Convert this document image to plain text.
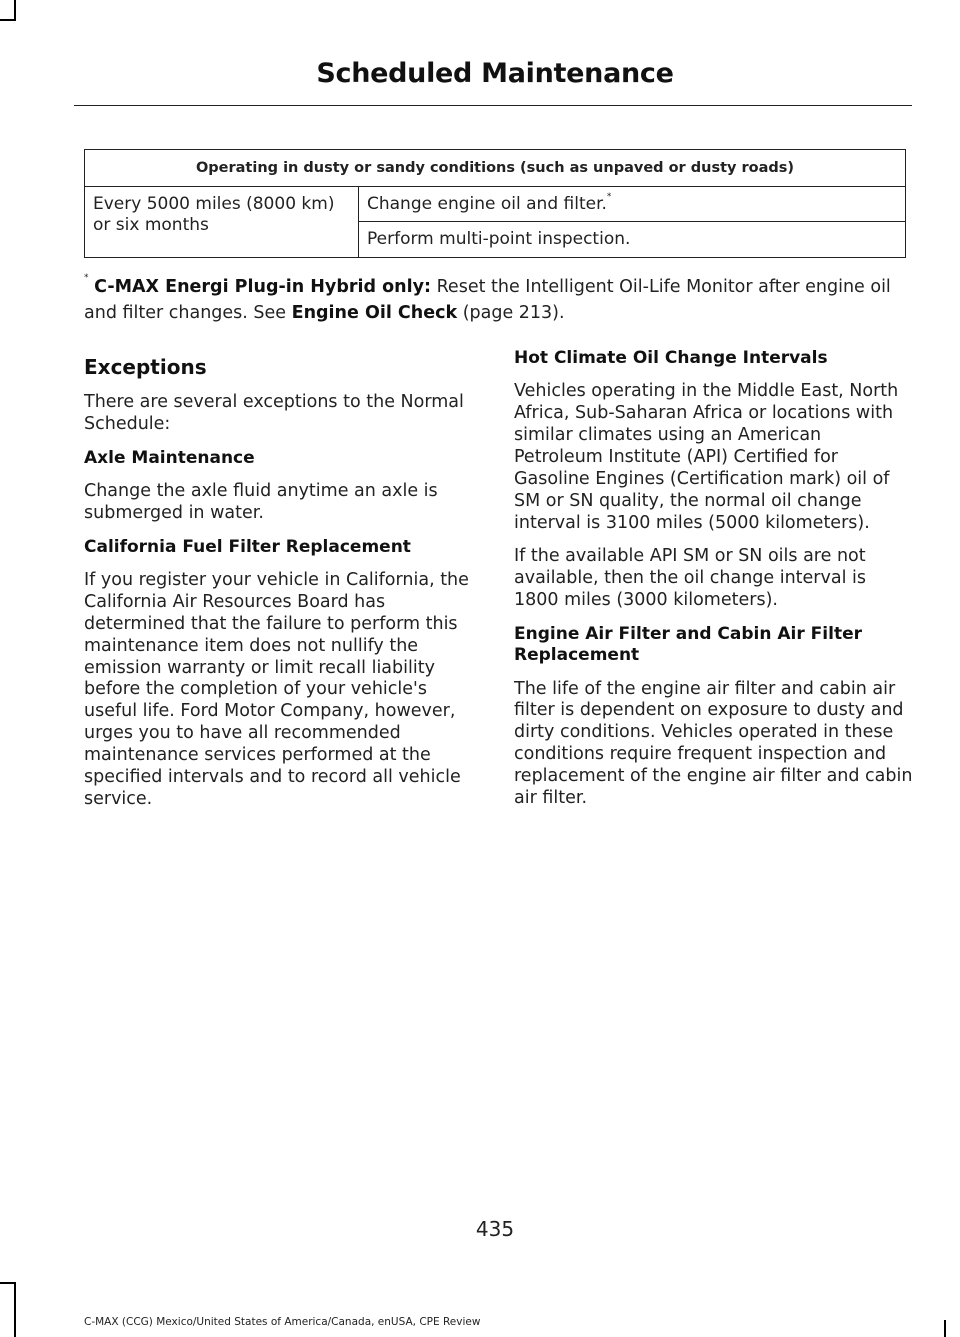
Scheduled Maintenance
Operating in dusty or sandy conditions (such as unpaved or dusty roads)
Every 5000 miles (8000 km) or six months	Change engine oil and filter.*
Perform multi-point inspection.
* C-MAX Energi Plug-in Hybrid only: Reset the Intelligent Oil-Life Monitor after engine oil and filter changes. See Engine Oil Check (page 213).
Exceptions

There are several exceptions to the Normal Schedule:

Axle Maintenance

Change the axle fluid anytime an axle is submerged in water.

California Fuel Filter Replacement

If you register your vehicle in California, the California Air Resources Board has determined that the failure to perform this maintenance item does not nullify the emission warranty or limit recall liability before the completion of your vehicle's useful life. Ford Motor Company, however, urges you to have all recommended maintenance services performed at the specified intervals and to record all vehicle service.

Hot Climate Oil Change Intervals

Vehicles operating in the Middle East, North Africa, Sub-Saharan Africa or locations with similar climates using an American Petroleum Institute (API) Certified for Gasoline Engines (Certification mark) oil of SM or SN quality, the normal oil change interval is 3100 miles (5000 kilometers).

If the available API SM or SN oils are not available, then the oil change interval is 1800 miles (3000 kilometers).

Engine Air Filter and Cabin Air Filter Replacement

The life of the engine air filter and cabin air filter is dependent on exposure to dusty and dirty conditions. Vehicles operated in these conditions require frequent inspection and replacement of the engine air filter and cabin air filter.

435
C-MAX (CCG) Mexico/United States of America/Canada, enUSA, CPE Review
